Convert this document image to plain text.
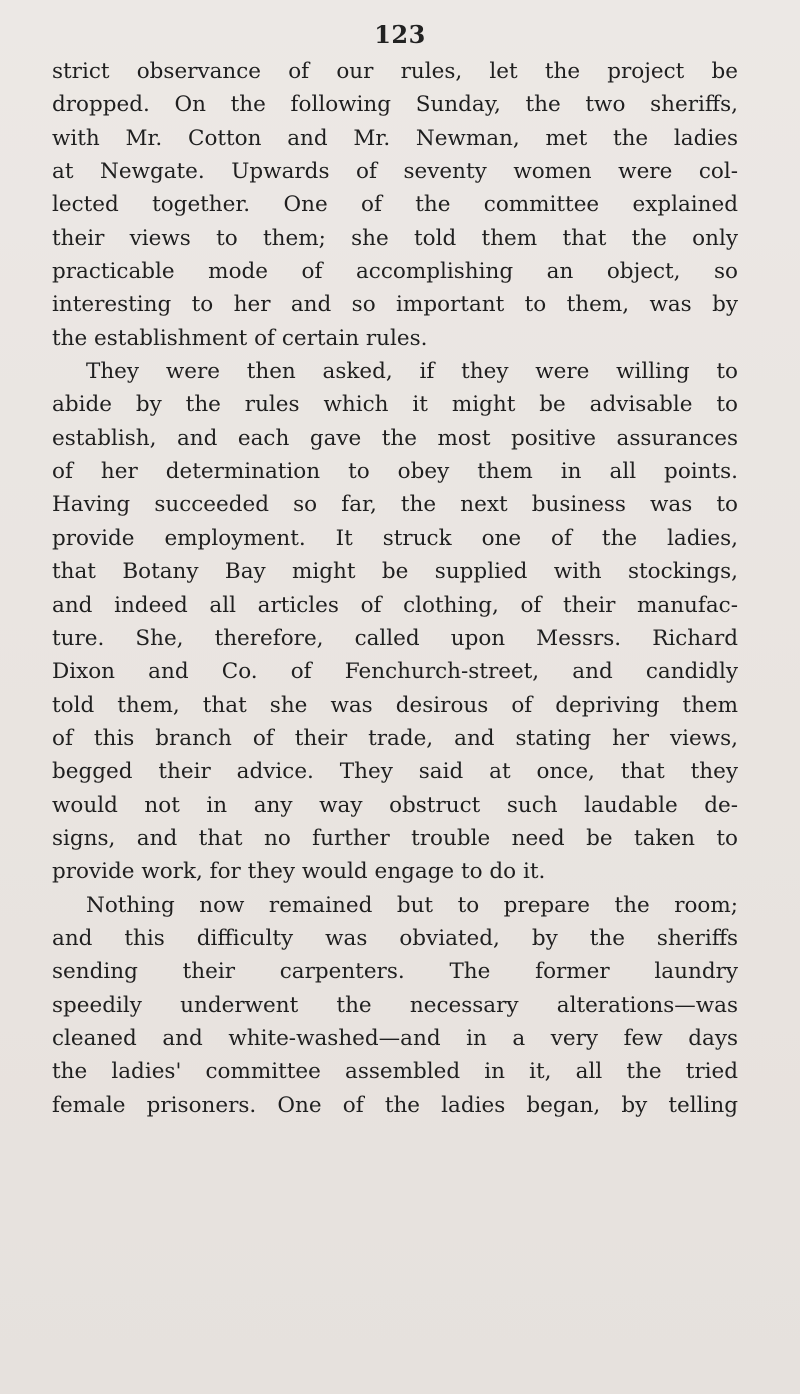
123
strict observance of our rules, let the project be
dropped. On the following Sunday, the two sheriffs,
with Mr. Cotton and Mr. Newman, met the ladies
at Newgate. Upwards of seventy women were col-
lected together. One of the committee explained
their views to them; she told them that the only
practicable mode of accomplishing an object, so
interesting to her and so important to them, was by
the establishment of certain rules.
They were then asked, if they were willing to
abide by the rules which it might be advisable to
establish, and each gave the most positive assurances
of her determination to obey them in all points.
Having succeeded so far, the next business was to
provide employment. It struck one of the ladies,
that Botany Bay might be supplied with stockings,
and indeed all articles of clothing, of their manufac-
ture. She, therefore, called upon Messrs. Richard
Dixon and Co. of Fenchurch-street, and candidly
told them, that she was desirous of depriving them
of this branch of their trade, and stating her views,
begged their advice. They said at once, that they
would not in any way obstruct such laudable de-
signs, and that no further trouble need be taken to
provide work, for they would engage to do it.
Nothing now remained but to prepare the room;
and this difficulty was obviated, by the sheriffs
sending their carpenters. The former laundry
speedily underwent the necessary alterations—was
cleaned and white-washed—and in a very few days
the ladies' committee assembled in it, all the tried
female prisoners. One of the ladies began, by telling
